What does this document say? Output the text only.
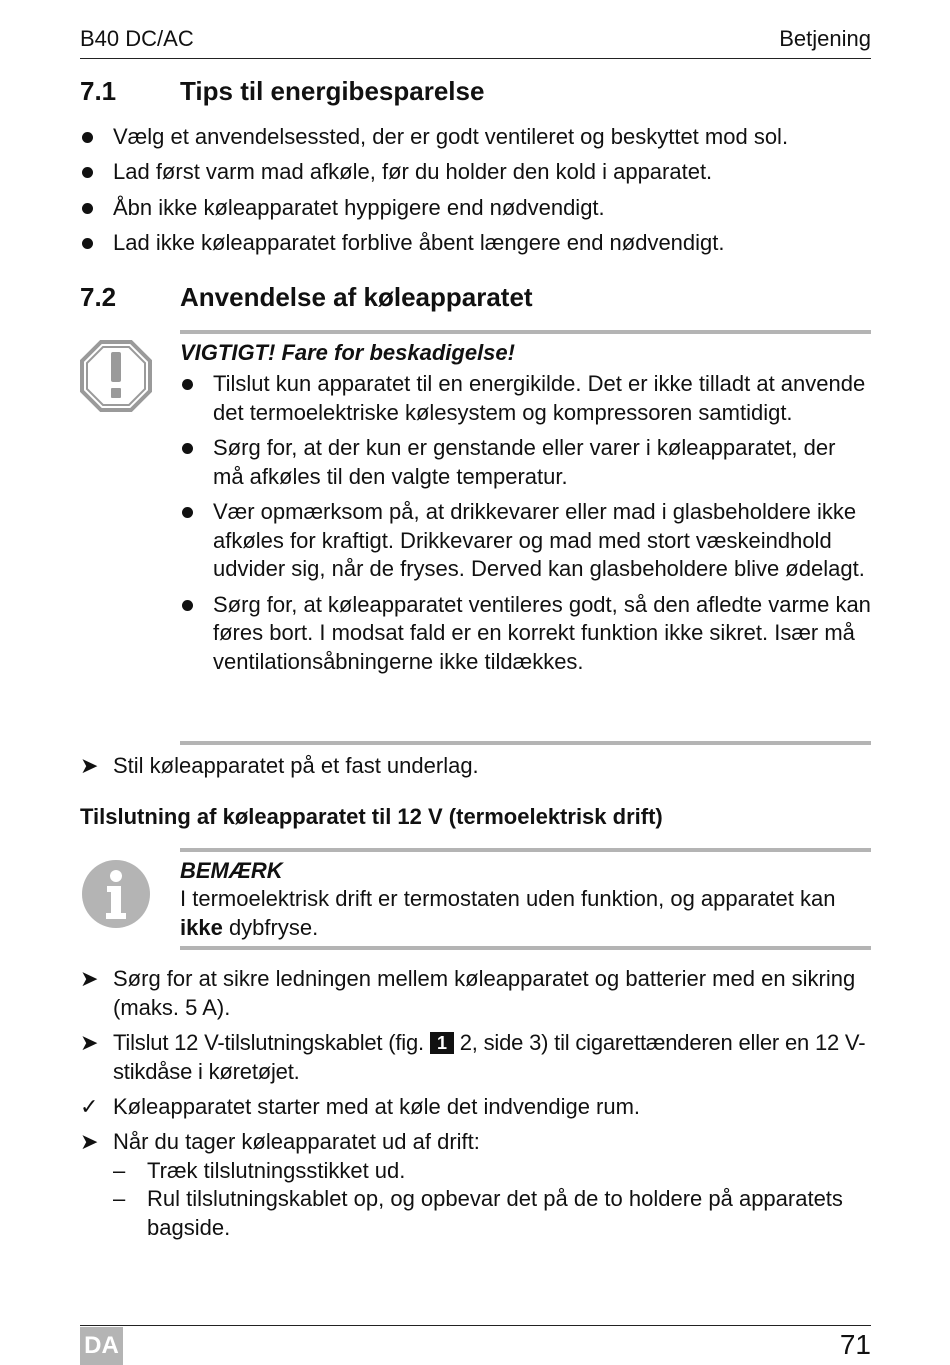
B40 DC/AC	Betjening
7.1 Tips til energibesparelse
Vælg et anvendelsessted, der er godt ventileret og beskyttet mod sol.
Lad først varm mad afkøle, før du holder den kold i apparatet.
Åbn ikke køleapparatet hyppigere end nødvendigt.
Lad ikke køleapparatet forblive åbent længere end nødvendigt.
7.2 Anvendelse af køleapparatet
VIGTIGT! Fare for beskadigelse!
Tilslut kun apparatet til en energikilde. Det er ikke tilladt at anvende det termoelektriske kølesystem og kompressoren samtidigt.
Sørg for, at der kun er genstande eller varer i køleapparatet, der må afkøles til den valgte temperatur.
Vær opmærksom på, at drikkevarer eller mad i glasbeholdere ikke afkøles for kraftigt. Drikkevarer og mad med stort væskeindhold udvider sig, når de fryses. Derved kan glasbeholdere blive ødelagt.
Sørg for, at køleapparatet ventileres godt, så den afledte varme kan føres bort. I modsat fald er en korrekt funktion ikke sikret. Især må ventilationsåbningerne ikke tildækkes.
➤ Stil køleapparatet på et fast underlag.
Tilslutning af køleapparatet til 12 V (termoelektrisk drift)
BEMÆRK
I termoelektrisk drift er termostaten uden funktion, og apparatet kan ikke dybfryse.
➤ Sørg for at sikre ledningen mellem køleapparatet og batterier med en sikring (maks. 5 A).
➤ Tilslut 12 V-tilslutningskablet (fig. 1 2, side 3) til cigarettænderen eller en 12 V-stikdåse i køretøjet.
✓ Køleapparatet starter med at køle det indvendige rum.
➤ Når du tager køleapparatet ud af drift:
– Træk tilslutningsstikket ud.
– Rul tilslutningskablet op, og opbevar det på de to holdere på apparatets bagside.
DA	71
